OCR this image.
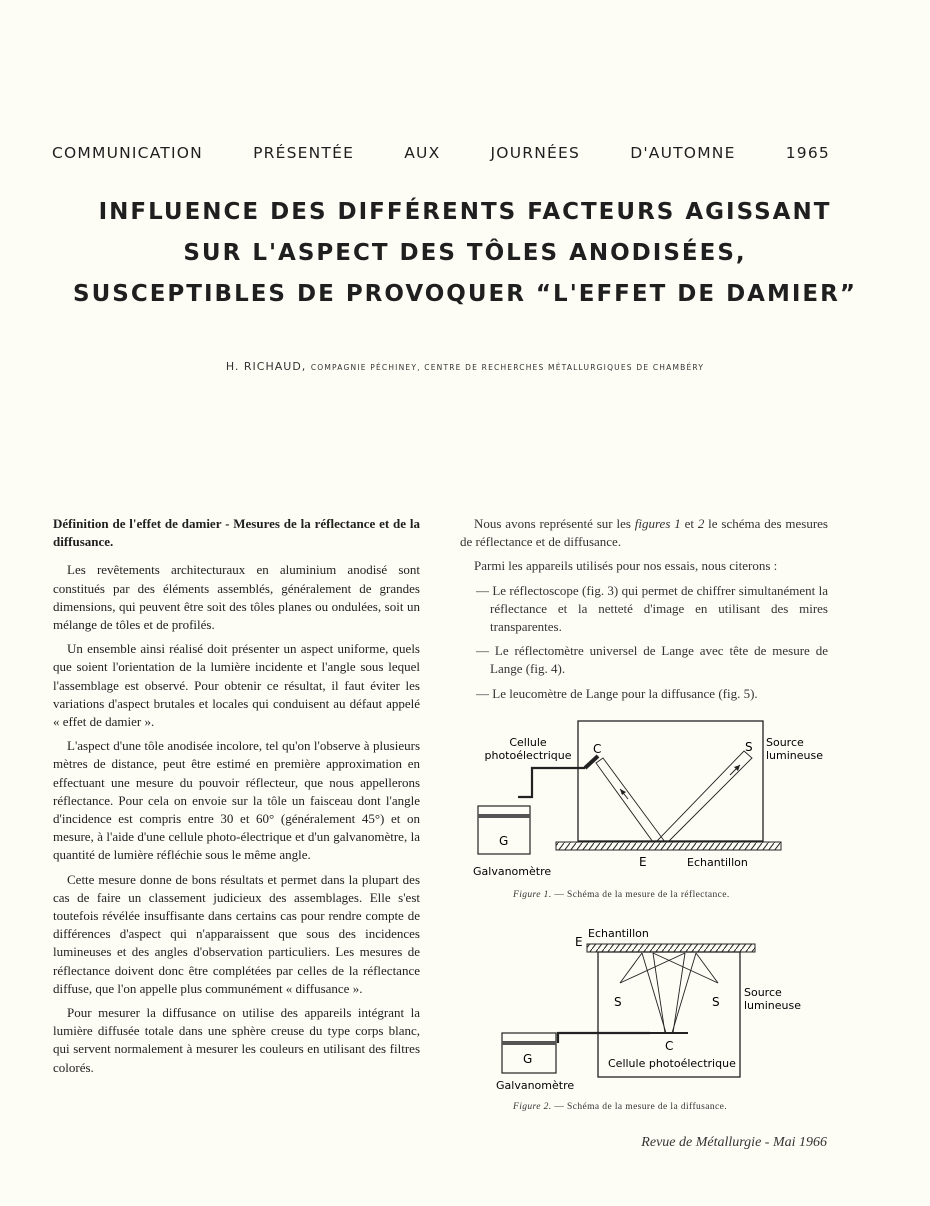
COMMUNICATION	PRÉSENTÉE	AUX	JOURNÉES	D'AUTOMNE	1965
INFLUENCE DES DIFFÉRENTS FACTEURS AGISSANT
SUR L'ASPECT DES TÔLES ANODISÉES,
SUSCEPTIBLES DE PROVOQUER “L'EFFET DE DAMIER”
H. RICHAUD, COMPAGNIE PÉCHINEY, CENTRE DE RECHERCHES MÉTALLURGIQUES DE CHAMBÉRY

Définition de l'effet de damier - Mesures de la réflectance et de la diffusance.

Les revêtements architecturaux en aluminium anodisé sont constitués par des éléments assemblés, généralement de grandes dimensions, qui peuvent être soit des tôles planes ou ondulées, soit un mélange de tôles et de profilés.

Un ensemble ainsi réalisé doit présenter un aspect uniforme, quels que soient l'orientation de la lumière incidente et l'angle sous lequel l'assemblage est observé. Pour obtenir ce résultat, il faut éviter les variations d'aspect brutales et locales qui conduisent au défaut appelé « effet de damier ».

L'aspect d'une tôle anodisée incolore, tel qu'on l'observe à plusieurs mètres de distance, peut être estimé en première approximation en effectuant une mesure du pouvoir réflecteur, que nous appellerons réflectance. Pour cela on envoie sur la tôle un faisceau dont l'angle d'incidence est compris entre 30 et 60° (généralement 45°) et on mesure, à l'aide d'une cellule photo-électrique et d'un galvanomètre, la quantité de lumière réfléchie sous le même angle.

Cette mesure donne de bons résultats et permet dans la plupart des cas de faire un classement judicieux des assemblages. Elle s'est toutefois révélée insuffisante dans certains cas pour rendre compte de différences d'aspect qui n'apparaissent que sous des incidences lumineuses et des angles d'observation particuliers. Les mesures de réflectance doivent donc être complétées par celles de la réflectance diffuse, que l'on appelle plus communément « diffusance ».

Pour mesurer la diffusance on utilise des appareils intégrant la lumière diffusée totale dans une sphère creuse du type corps blanc, qui servent normalement à mesurer les couleurs en utilisant des filtres colorés.

Nous avons représenté sur les figures 1 et 2 le schéma des mesures de réflectance et de diffusance.

Parmi les appareils utilisés pour nos essais, nous citerons :

— Le réflectoscope (fig. 3) qui permet de chiffrer simultanément la réflectance et la netteté d'image en utilisant des mires transparentes.

— Le réflectomètre universel de Lange avec tête de mesure de Lange (fig. 4).

— Le leucomètre de Lange pour la diffusance (fig. 5).

Cellule
photoélectrique C	S Source
lumineuse
G
Galvanomètre
E	Echantillon
Figure 1. — Schéma de la mesure de la réflectance.
E
Echantillon
S	S
Source
lumineuse
C
G	Cellule photoélectrique
Galvanomètre
Figure 2. — Schéma de la mesure de la diffusance.
Revue de Métallurgie - Mai 1966
